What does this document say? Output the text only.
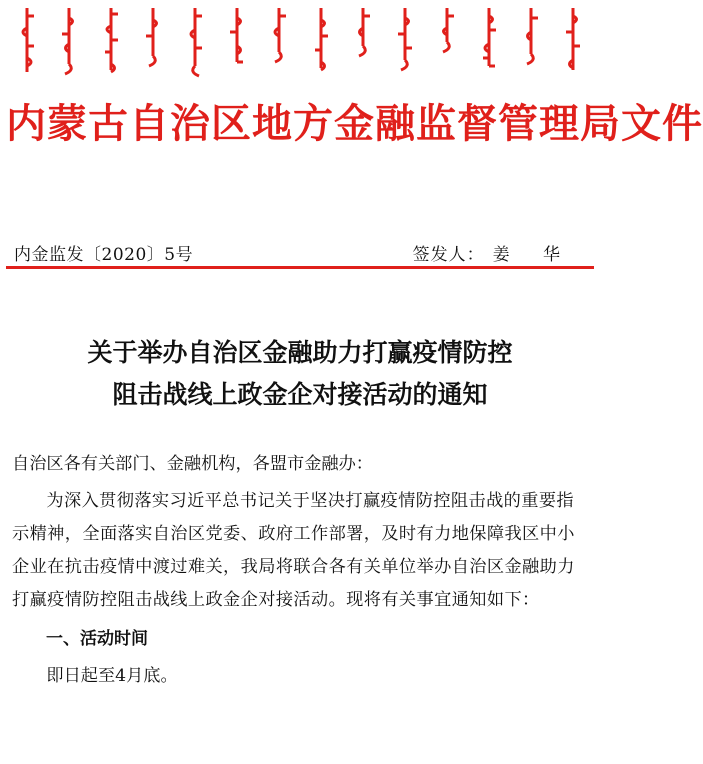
内蒙古自治区地方金融监督管理局文件
内金监发〔2020〕5号	签发人： 姜 华
关于举办自治区金融助力打赢疫情防控
阻击战线上政金企对接活动的通知

自治区各有关部门、金融机构，各盟市金融办：

为深入贯彻落实习近平总书记关于坚决打赢疫情防控阻击战的重要指示精神，全面落实自治区党委、政府工作部署，及时有力地保障我区中小企业在抗击疫情中渡过难关，我局将联合各有关单位举办自治区金融助力打赢疫情防控阻击战线上政金企对接活动。现将有关事宜通知如下：

一、活动时间

即日起至4月底。
